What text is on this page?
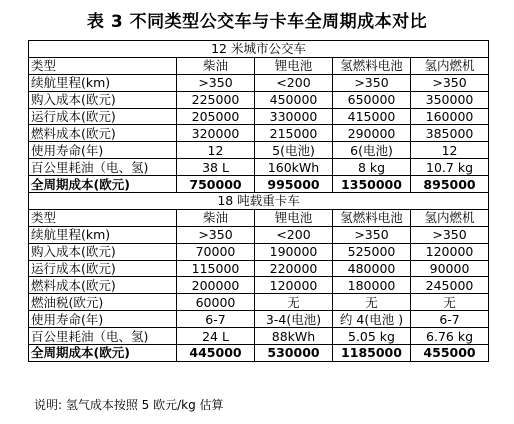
表 3 不同类型公交车与卡车全周期成本对比
12 米城市公交车				
类型	柴油	锂电池	氢燃料电池	氢内燃机
续航里程(km)	>350	<200	>350	>350
购入成本(欧元)	225000	450000	650000	350000
运行成本(欧元)	205000	330000	415000	160000
燃料成本(欧元)	320000	215000	290000	385000
使用寿命(年)	12	5(电池)	6(电池)	12
百公里耗油（电、氢)	38 L	160kWh	8 kg	10.7 kg
全周期成本(欧元)	750000	995000	1350000	895000
18 吨载重卡车				
类型	柴油	锂电池	氢燃料电池	氢内燃机
续航里程(km)	>350	<200	>350	>350
购入成本(欧元)	70000	190000	525000	120000
运行成本(欧元)	115000	220000	480000	90000
燃料成本(欧元)	200000	120000	180000	245000
燃油税(欧元)	60000	无	无	无
使用寿命(年)	6-7	3-4(电池)	约 4(电池 )	6-7
百公里耗油（电、氢)	24 L	88kWh	5.05 kg	6.76 kg
全周期成本(欧元)	445000	530000	1185000	455000
说明: 氢气成本按照 5 欧元/kg 估算
